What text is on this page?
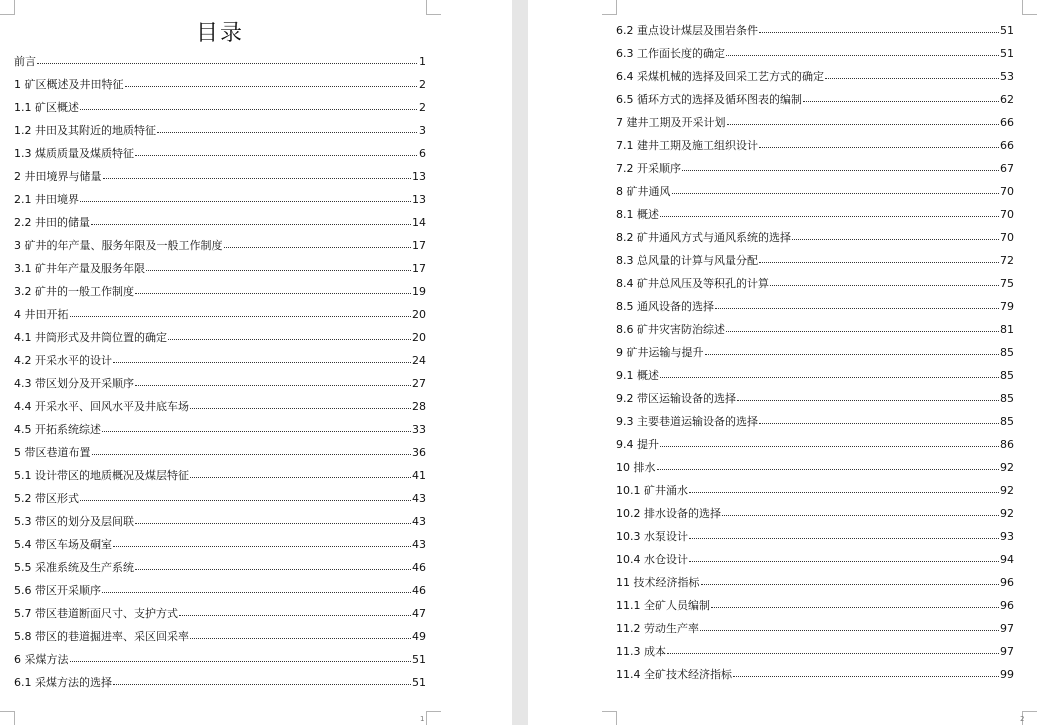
目录
前言	1
1 矿区概述及井田特征	2
1.1 矿区概述	2
1.2 井田及其附近的地质特征	3
1.3 煤质质量及煤质特征	6
2 井田境界与储量	13
2.1 井田境界	13
2.2 井田的储量	14
3 矿井的年产量、服务年限及一般工作制度	17
3.1 矿井年产量及服务年限	17
3.2 矿井的一般工作制度	19
4 井田开拓	20
4.1 井筒形式及井筒位置的确定	20
4.2 开采水平的设计	24
4.3 带区划分及开采顺序	27
4.4 开采水平、回风水平及井底车场	28
4.5 开拓系统综述	33
5 带区巷道布置	36
5.1 设计带区的地质概况及煤层特征	41
5.2 带区形式	43
5.3 带区的划分及层间联	43
5.4 带区车场及硐室	43
5.5 采准系统及生产系统	46
5.6 带区开采顺序	46
5.7 带区巷道断面尺寸、支护方式	47
5.8 带区的巷道掘进率、采区回采率	49
6 采煤方法	51
6.1 采煤方法的选择	51
1
6.2 重点设计煤层及围岩条件	51
6.3 工作面长度的确定	51
6.4 采煤机械的选择及回采工艺方式的确定	53
6.5 循环方式的选择及循环图表的编制	62
7 建井工期及开采计划	66
7.1 建井工期及施工组织设计	66
7.2 开采顺序	67
8 矿井通风	70
8.1 概述	70
8.2 矿井通风方式与通风系统的选择	70
8.3 总风量的计算与风量分配	72
8.4 矿井总风压及等积孔的计算	75
8.5 通风设备的选择	79
8.6 矿井灾害防治综述	81
9 矿井运输与提升	85
9.1 概述	85
9.2 带区运输设备的选择	85
9.3 主要巷道运输设备的选择	85
9.4 提升	86
10 排水	92
10.1 矿井涌水	92
10.2 排水设备的选择	92
10.3 水泵设计	93
10.4 水仓设计	94
11 技术经济指标	96
11.1 全矿人员编制	96
11.2 劳动生产率	97
11.3 成本	97
11.4 全矿技术经济指标	99
2
